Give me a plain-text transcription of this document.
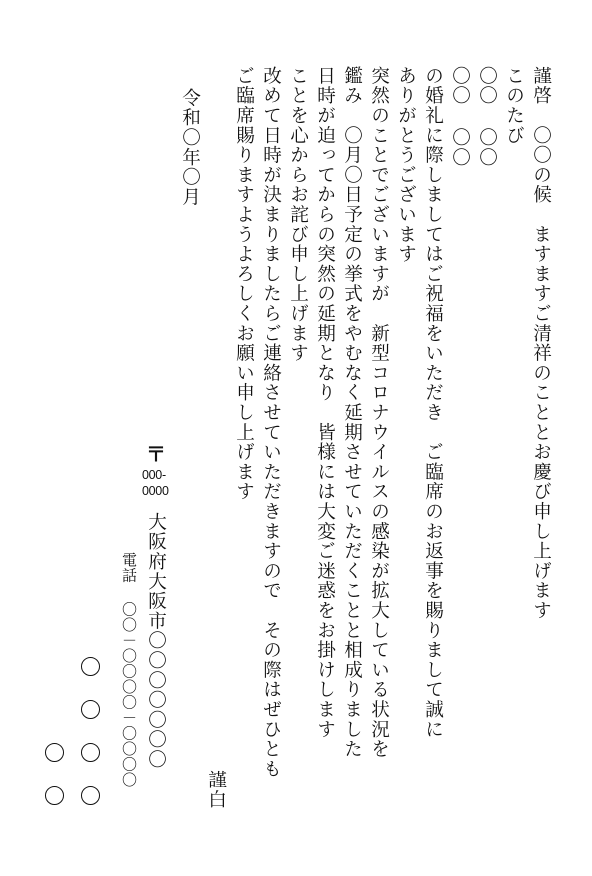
謹啓　〇〇の候　ますますご清祥のこととお慶び申し上げます
このたび
〇〇 〇〇
〇〇 〇〇
の婚礼に際しましてはご祝福をいただき　ご臨席のお返事を賜りまして誠に
ありがとうございます
突然のことでございますが　新型コロナウイルスの感染が拡大している状況を
鑑み　〇月〇日予定の挙式をやむなく延期させていただくことと相成りました
日時が迫ってからの突然の延期となり　皆様には大変ご迷惑をお掛けします
ことを心からお詫び申し上げます
改めて日時が決まりましたらご連絡させていただきますので　その際はぜひとも
ご臨席賜りますようよろしくお願い申し上げます
謹白
令和〇年〇月
〒
000-
0000
大阪府大阪市〇〇〇〇〇〇〇
電話 〇〇－〇〇〇〇－〇〇〇〇
